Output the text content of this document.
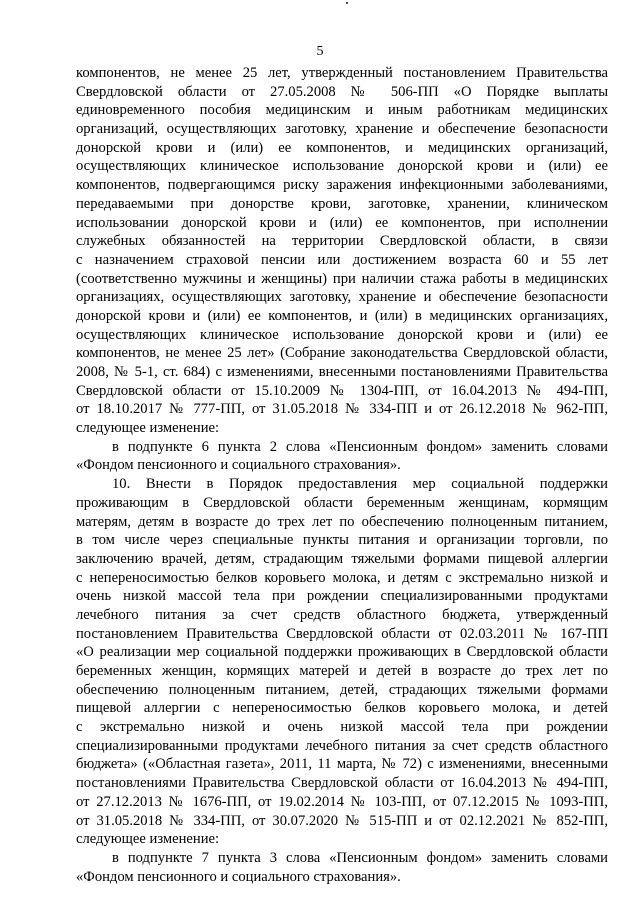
5
компонентов, не менее 25 лет, утвержденный постановлением Правительства
Свердловской области от 27.05.2008 № 506-ПП «О Порядке выплаты
единовременного пособия медицинским и иным работникам медицинских
организаций, осуществляющих заготовку, хранение и обеспечение безопасности
донорской крови и (или) ее компонентов, и медицинских организаций,
осуществляющих клиническое использование донорской крови и (или) ее
компонентов, подвергающимся риску заражения инфекционными заболеваниями,
передаваемыми при донорстве крови, заготовке, хранении, клиническом
использовании донорской крови и (или) ее компонентов, при исполнении
служебных обязанностей на территории Свердловской области, в связи
с назначением страховой пенсии или достижением возраста 60 и 55 лет
(соответственно мужчины и женщины) при наличии стажа работы в медицинских
организациях, осуществляющих заготовку, хранение и обеспечение безопасности
донорской крови и (или) ее компонентов, и (или) в медицинских организациях,
осуществляющих клиническое использование донорской крови и (или) ее
компонентов, не менее 25 лет» (Собрание законодательства Свердловской области,
2008, № 5-1, ст. 684) с изменениями, внесенными постановлениями Правительства
Свердловской области от 15.10.2009 № 1304-ПП, от 16.04.2013 № 494-ПП,
от 18.10.2017 № 777-ПП, от 31.05.2018 № 334-ПП и от 26.12.2018 № 962-ПП,
следующее изменение:
в подпункте 6 пункта 2 слова «Пенсионным фондом» заменить словами
«Фондом пенсионного и социального страхования».
10. Внести в Порядок предоставления мер социальной поддержки
проживающим в Свердловской области беременным женщинам, кормящим
матерям, детям в возрасте до трех лет по обеспечению полноценным питанием,
в том числе через специальные пункты питания и организации торговли, по
заключению врачей, детям, страдающим тяжелыми формами пищевой аллергии
с непереносимостью белков коровьего молока, и детям с экстремально низкой и
очень низкой массой тела при рождении специализированными продуктами
лечебного питания за счет средств областного бюджета, утвержденный
постановлением Правительства Свердловской области от 02.03.2011 № 167-ПП
«О реализации мер социальной поддержки проживающих в Свердловской области
беременных женщин, кормящих матерей и детей в возрасте до трех лет по
обеспечению полноценным питанием, детей, страдающих тяжелыми формами
пищевой аллергии с непереносимостью белков коровьего молока, и детей
с экстремально низкой и очень низкой массой тела при рождении
специализированными продуктами лечебного питания за счет средств областного
бюджета» («Областная газета», 2011, 11 марта, № 72) с изменениями, внесенными
постановлениями Правительства Свердловской области от 16.04.2013 № 494-ПП,
от 27.12.2013 № 1676-ПП, от 19.02.2014 № 103-ПП, от 07.12.2015 № 1093-ПП,
от 31.05.2018 № 334-ПП, от 30.07.2020 № 515-ПП и от 02.12.2021 № 852-ПП,
следующее изменение:
в подпункте 7 пункта 3 слова «Пенсионным фондом» заменить словами
«Фондом пенсионного и социального страхования».
